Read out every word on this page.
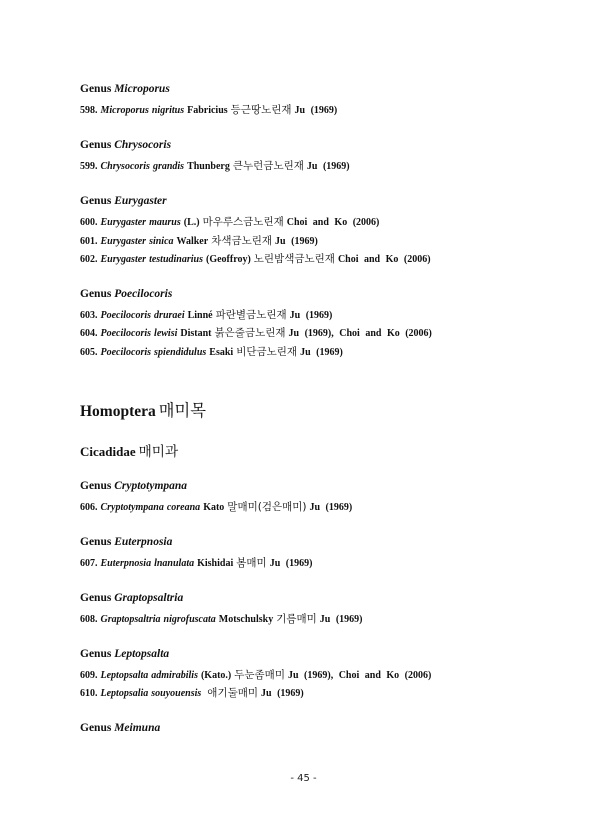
Genus Microporus
598. Microporus nigritus Fabricius 등근땅노린재 Ju (1969)
Genus Chrysocoris
599. Chrysocoris grandis Thunberg 큰누런금노린재 Ju (1969)
Genus Eurygaster
600. Eurygaster maurus (L.) 마우루스금노린재 Choi and Ko (2006)
601. Eurygaster sinica Walker 차색금노린재 Ju (1969)
602. Eurygaster testudinarius (Geoffroy) 노린밤색금노린재 Choi and Ko (2006)
Genus Poecilocoris
603. Poecilocoris druraei Linné 파란별금노린재 Ju (1969)
604. Poecilocoris lewisi Distant 붉은줄금노린재 Ju (1969), Choi and Ko (2006)
605. Poecilocoris spiendidulus Esaki 비단금노린재 Ju (1969)
Homoptera 매미목
Cicadidae 매미과
Genus Cryptotympana
606. Cryptotympana coreana Kato 말매미(검은매미) Ju (1969)
Genus Euterpnosia
607. Euterpnosia lnanulata Kishidai 봄매미 Ju (1969)
Genus Graptopsaltria
608. Graptopsaltria nigrofuscata Motschulsky 기름매미 Ju (1969)
Genus Leptopsalta
609. Leptopsalta admirabilis (Kato.) 두눈좀매미 Ju (1969), Choi and Ko (2006)
610. Leptopsalia souyouensis 애기둘매미 Ju (1969)
Genus Meimuna
- 45 -
